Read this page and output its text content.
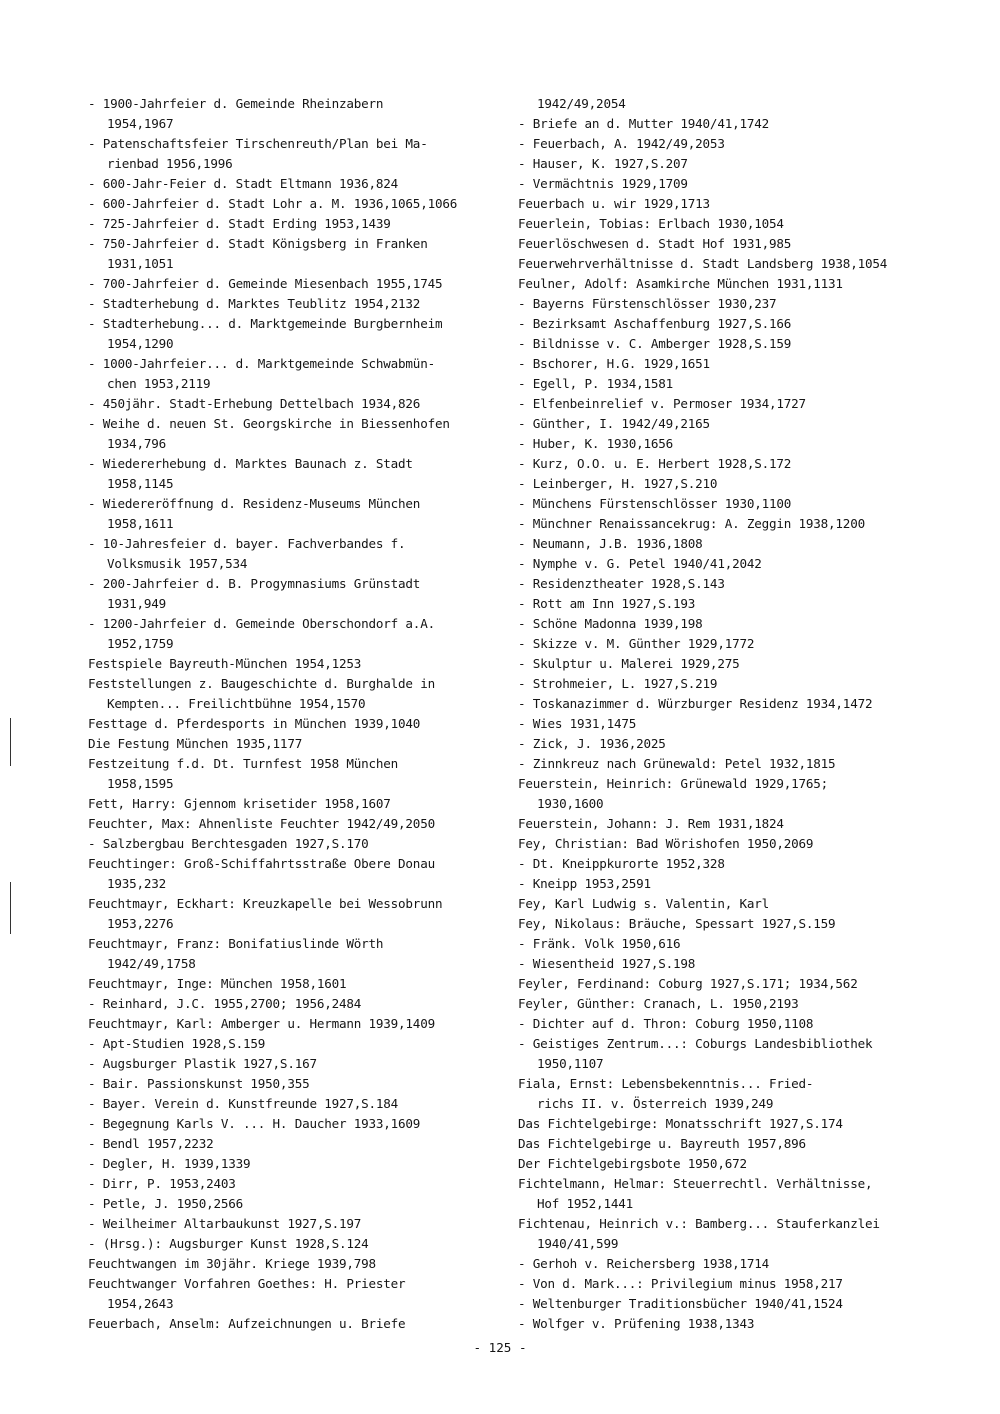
- 1900-Jahrfeier d. Gemeinde Rheinzabern
1954,1967
- Patenschaftsfeier Tirschenreuth/Plan bei Ma-
rienbad 1956,1996
- 600-Jahr-Feier d. Stadt Eltmann 1936,824
- 600-Jahrfeier d. Stadt Lohr a. M. 1936,1065,1066
- 725-Jahrfeier d. Stadt Erding 1953,1439
- 750-Jahrfeier d. Stadt Königsberg in Franken
1931,1051
- 700-Jahrfeier d. Gemeinde Miesenbach 1955,1745
- Stadterhebung d. Marktes Teublitz 1954,2132
- Stadterhebung... d. Marktgemeinde Burgbernheim
1954,1290
- 1000-Jahrfeier... d. Marktgemeinde Schwabmün-
chen 1953,2119
- 450jähr. Stadt-Erhebung Dettelbach 1934,826
- Weihe d. neuen St. Georgskirche in Biessenhofen
1934,796
- Wiedererhebung d. Marktes Baunach z. Stadt
1958,1145
- Wiedereröffnung d. Residenz-Museums München
1958,1611
- 10-Jahresfeier d. bayer. Fachverbandes f.
Volksmusik 1957,534
- 200-Jahrfeier d. B. Progymnasiums Grünstadt
1931,949
- 1200-Jahrfeier d. Gemeinde Oberschondorf a.A.
1952,1759
Festspiele Bayreuth-München 1954,1253
Feststellungen z. Baugeschichte d. Burghalde in
Kempten... Freilichtbühne 1954,1570
Festtage d. Pferdesports in München 1939,1040
Die Festung München 1935,1177
Festzeitung f.d. Dt. Turnfest 1958 München
1958,1595
Fett, Harry: Gjennom krisetider 1958,1607
Feuchter, Max: Ahnenliste Feuchter 1942/49,2050
- Salzbergbau Berchtesgaden 1927,S.170
Feuchtinger: Groß-Schiffahrtsstraße Obere Donau
1935,232
Feuchtmayr, Eckhart: Kreuzkapelle bei Wessobrunn
1953,2276
Feuchtmayr, Franz: Bonifatiuslinde Wörth
1942/49,1758
Feuchtmayr, Inge: München 1958,1601
- Reinhard, J.C. 1955,2700; 1956,2484
Feuchtmayr, Karl: Amberger u. Hermann 1939,1409
- Apt-Studien 1928,S.159
- Augsburger Plastik 1927,S.167
- Bair. Passionskunst 1950,355
- Bayer. Verein d. Kunstfreunde 1927,S.184
- Begegnung Karls V. ... H. Daucher 1933,1609
- Bendl 1957,2232
- Degler, H. 1939,1339
- Dirr, P. 1953,2403
- Petle, J. 1950,2566
- Weilheimer Altarbaukunst 1927,S.197
- (Hrsg.): Augsburger Kunst 1928,S.124
Feuchtwangen im 30jähr. Kriege 1939,798
Feuchtwanger Vorfahren Goethes: H. Priester
1954,2643
Feuerbach, Anselm: Aufzeichnungen u. Briefe
1942/49,2054
- Briefe an d. Mutter 1940/41,1742
- Feuerbach, A. 1942/49,2053
- Hauser, K. 1927,S.207
- Vermächtnis 1929,1709
Feuerbach u. wir 1929,1713
Feuerlein, Tobias: Erlbach 1930,1054
Feuerlöschwesen d. Stadt Hof 1931,985
Feuerwehrverhältnisse d. Stadt Landsberg 1938,1054
Feulner, Adolf: Asamkirche München 1931,1131
- Bayerns Fürstenschlösser 1930,237
- Bezirksamt Aschaffenburg 1927,S.166
- Bildnisse v. C. Amberger 1928,S.159
- Bschorer, H.G. 1929,1651
- Egell, P. 1934,1581
- Elfenbeinrelief v. Permoser 1934,1727
- Günther, I. 1942/49,2165
- Huber, K. 1930,1656
- Kurz, O.O. u. E. Herbert 1928,S.172
- Leinberger, H. 1927,S.210
- Münchens Fürstenschlösser 1930,1100
- Münchner Renaissancekrug: A. Zeggin 1938,1200
- Neumann, J.B. 1936,1808
- Nymphe v. G. Petel 1940/41,2042
- Residenztheater 1928,S.143
- Rott am Inn 1927,S.193
- Schöne Madonna 1939,198
- Skizze v. M. Günther 1929,1772
- Skulptur u. Malerei 1929,275
- Strohmeier, L. 1927,S.219
- Toskanazimmer d. Würzburger Residenz 1934,1472
- Wies 1931,1475
- Zick, J. 1936,2025
- Zinnkreuz nach Grünewald: Petel 1932,1815
Feuerstein, Heinrich: Grünewald 1929,1765;
1930,1600
Feuerstein, Johann: J. Rem 1931,1824
Fey, Christian: Bad Wörishofen 1950,2069
- Dt. Kneippkurorte 1952,328
- Kneipp 1953,2591
Fey, Karl Ludwig s. Valentin, Karl
Fey, Nikolaus: Bräuche, Spessart 1927,S.159
- Fränk. Volk 1950,616
- Wiesentheid 1927,S.198
Feyler, Ferdinand: Coburg 1927,S.171; 1934,562
Feyler, Günther: Cranach, L. 1950,2193
- Dichter auf d. Thron: Coburg 1950,1108
- Geistiges Zentrum...: Coburgs Landesbibliothek
1950,1107
Fiala, Ernst: Lebensbekenntnis... Fried-
richs II. v. Österreich 1939,249
Das Fichtelgebirge: Monatsschrift 1927,S.174
Das Fichtelgebirge u. Bayreuth 1957,896
Der Fichtelgebirgsbote 1950,672
Fichtelmann, Helmar: Steuerrechtl. Verhältnisse,
Hof 1952,1441
Fichtenau, Heinrich v.: Bamberg... Stauferkanzlei
1940/41,599
- Gerhoh v. Reichersberg 1938,1714
- Von d. Mark...: Privilegium minus 1958,217
- Weltenburger Traditionsbücher 1940/41,1524
- Wolfger v. Prüfening 1938,1343
- 125 -
